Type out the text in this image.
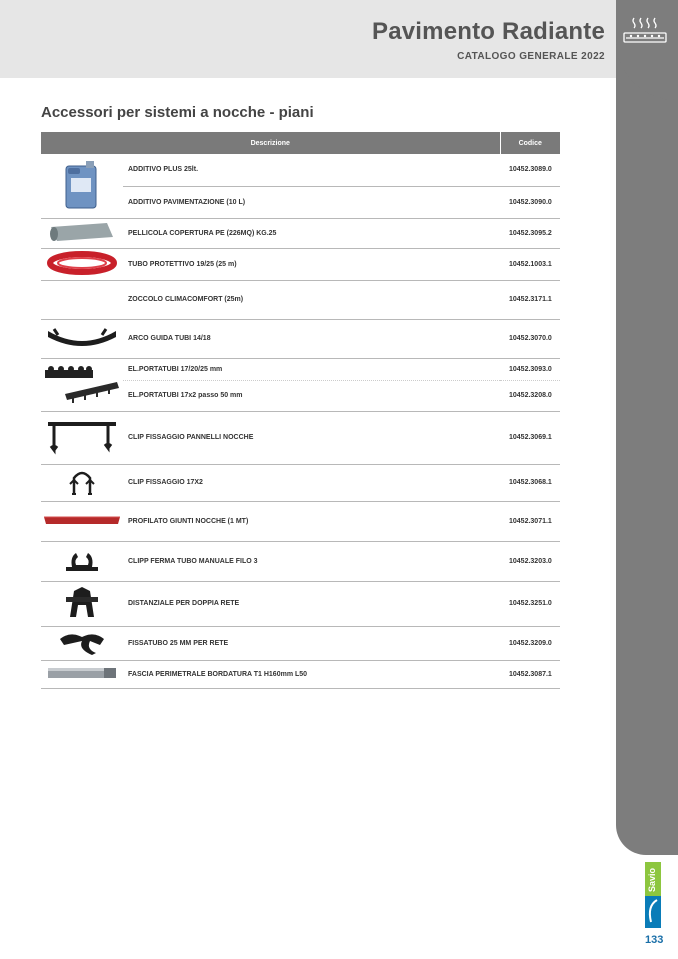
Pavimento Radiante
CATALOGO GENERALE 2022
Accessori per sistemi a nocche - piani
Descrizione		Codice
	ADDITIVO PLUS 25lt.	10452.3089.0
	ADDITIVO PAVIMENTAZIONE (10 L)	10452.3090.0
	PELLICOLA COPERTURA PE (226MQ) KG.25	10452.3095.2
	TUBO PROTETTIVO 19/25 (25 m)	10452.1003.1
	ZOCCOLO CLIMACOMFORT (25m)	10452.3171.1
	ARCO GUIDA TUBI 14/18	10452.3070.0
	EL.PORTATUBI 17/20/25 mm	10452.3093.0
	EL.PORTATUBI 17x2 passo 50 mm	10452.3208.0
	CLIP FISSAGGIO PANNELLI NOCCHE	10452.3069.1
	CLIP FISSAGGIO 17X2	10452.3068.1
	PROFILATO GIUNTI NOCCHE (1 MT)	10452.3071.1
	CLIPP FERMA TUBO MANUALE FILO 3	10452.3203.0
	DISTANZIALE PER DOPPIA RETE	10452.3251.0
	FISSATUBO 25 MM PER RETE	10452.3209.0
	FASCIA PERIMETRALE BORDATURA T1 H160mm L50	10452.3087.1
Savio
133
